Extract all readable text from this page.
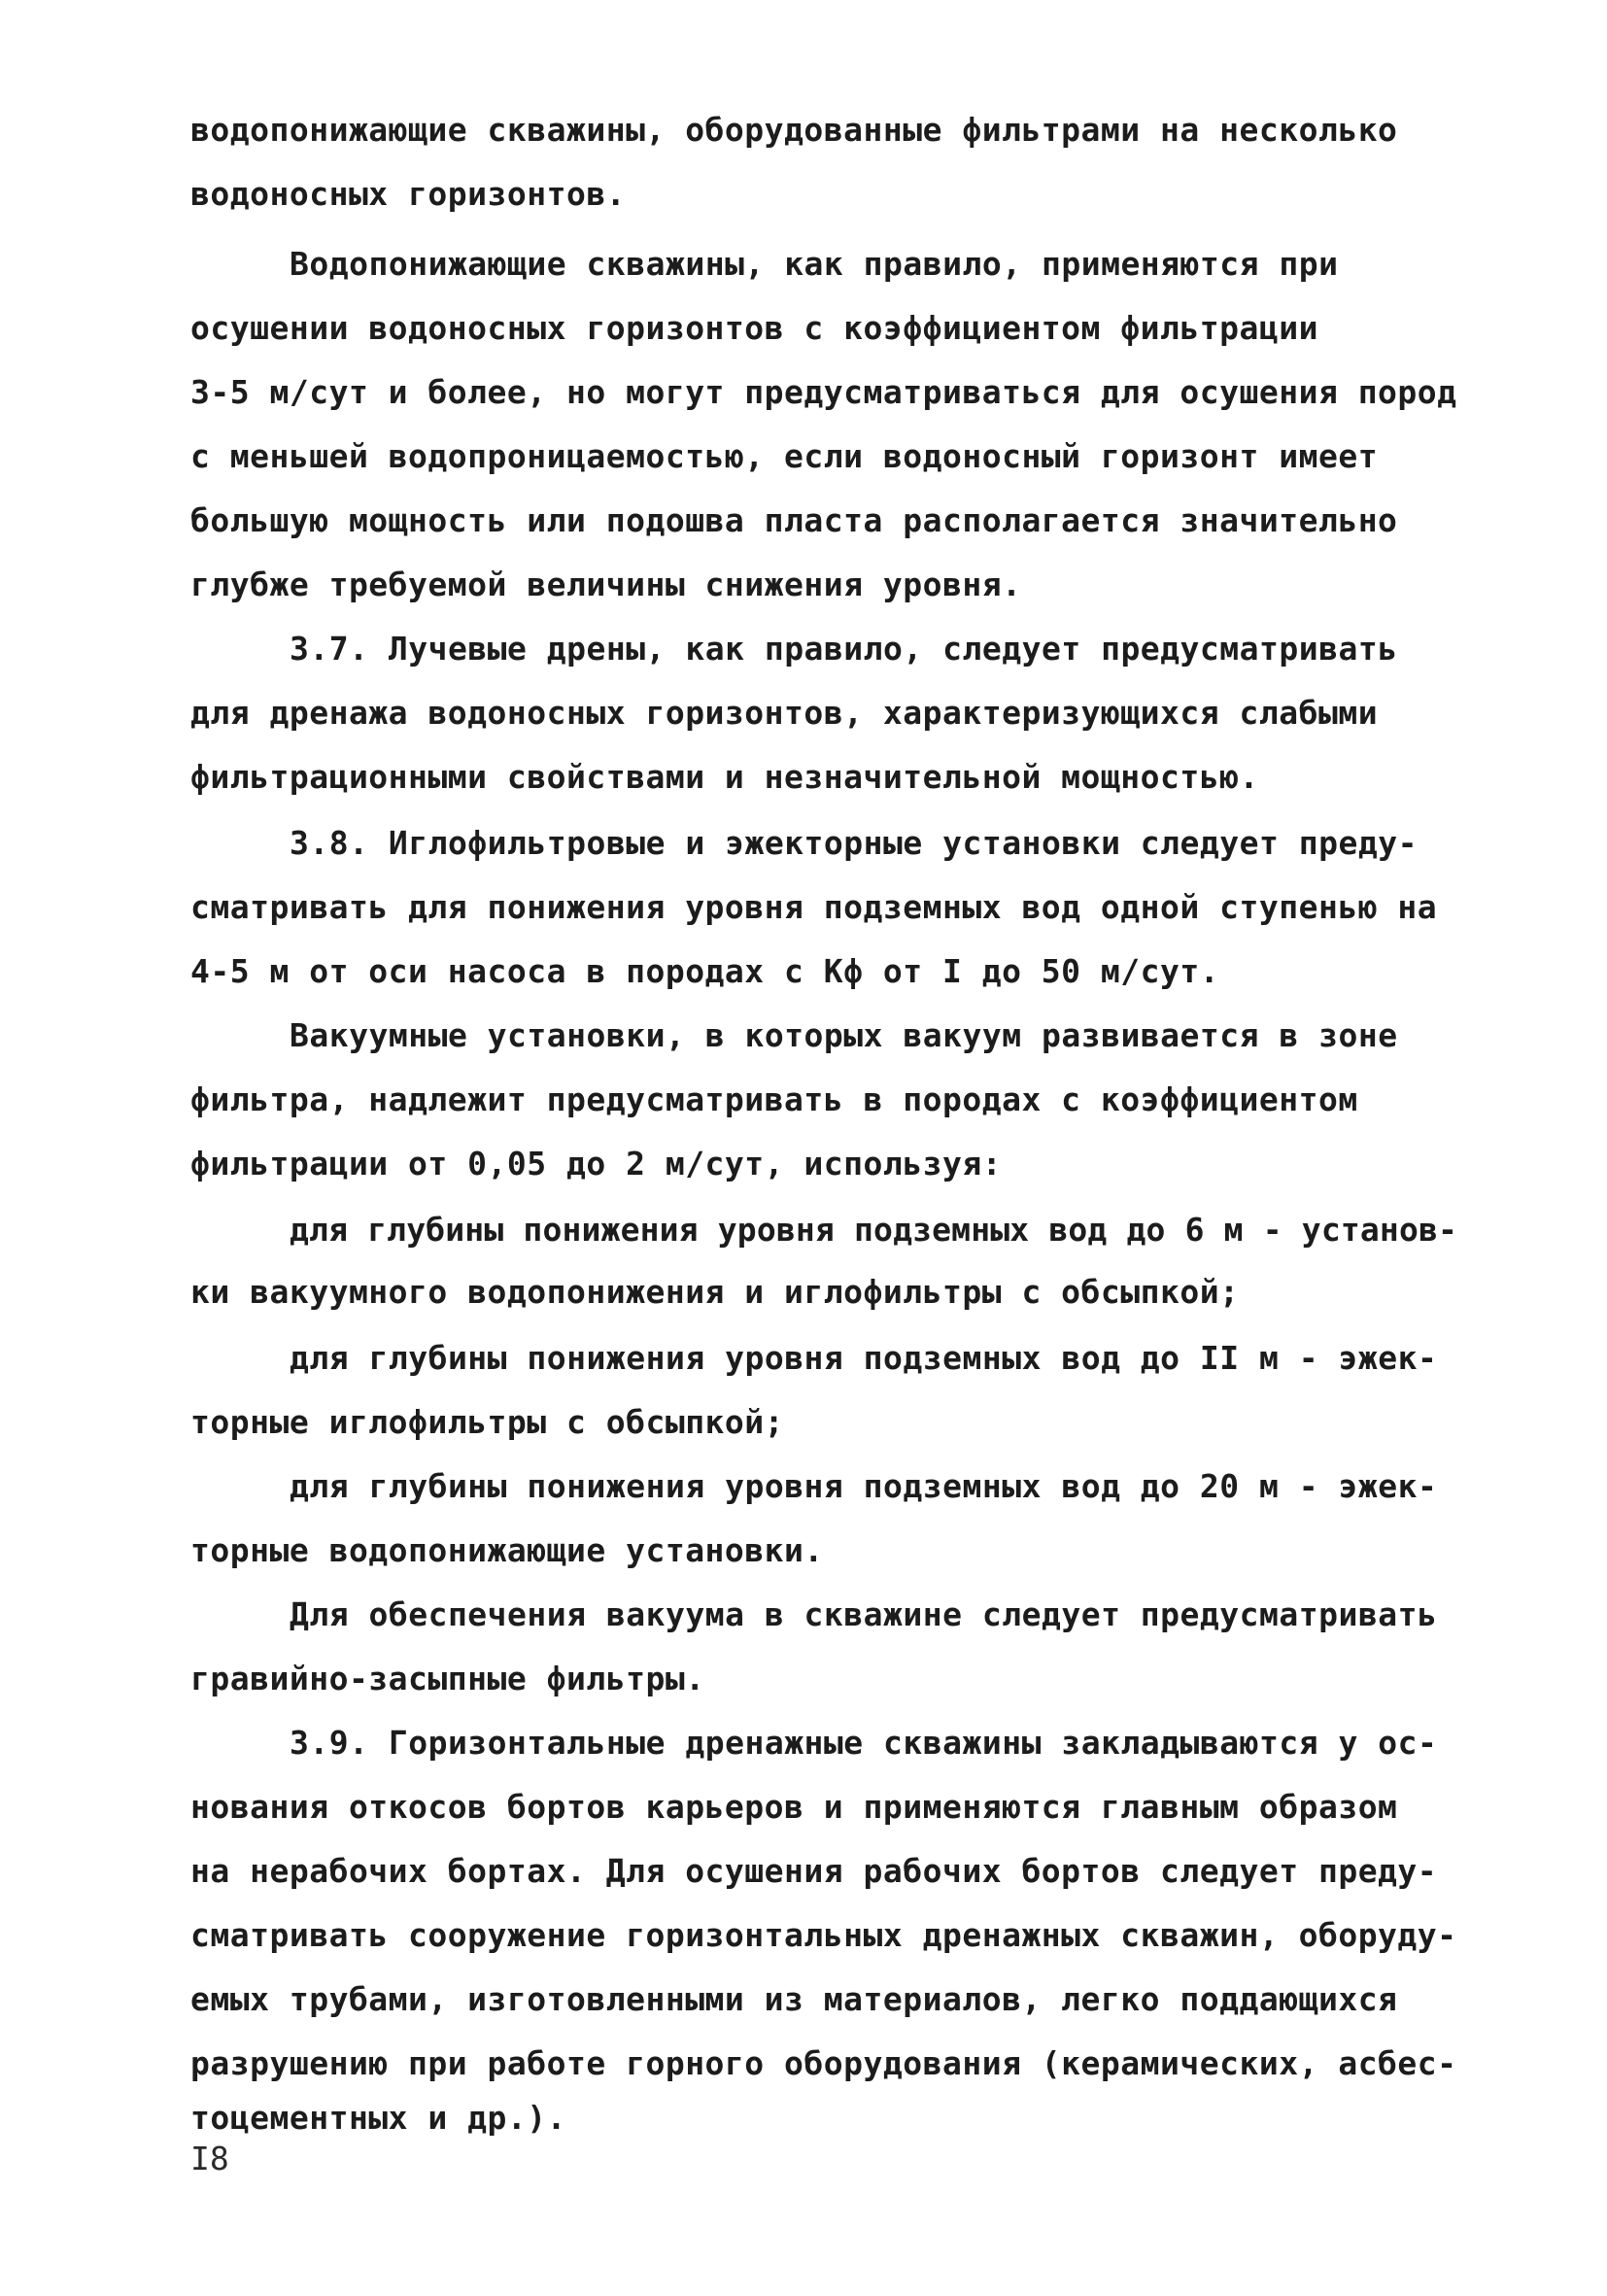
водопонижающие скважины, оборудованные фильтрами на несколько
водоносных горизонтов.
Водопонижающие скважины, как правило, применяются при
осушении водоносных горизонтов с коэффициентом фильтрации
3-5 м/сут и более, но могут предусматриваться для осушения пород
с меньшей водопроницаемостью, если водоносный горизонт имеет
большую мощность или подошва пласта располагается значительно
глубже требуемой величины снижения уровня.
3.7. Лучевые дрены, как правило, следует предусматривать
для дренажа водоносных горизонтов, характеризующихся слабыми
фильтрационными свойствами и незначительной мощностью.
3.8. Иглофильтровые и эжекторные установки следует преду-
сматривать для понижения уровня подземных вод одной ступенью на
4-5 м от оси насоса в породах с Кф от I до 50 м/сут.
Вакуумные установки, в которых вакуум развивается в зоне
фильтра, надлежит предусматривать в породах с коэффициентом
фильтрации от 0,05 до 2 м/сут, используя:
для глубины понижения уровня подземных вод до 6 м - установ-
ки вакуумного водопонижения и иглофильтры с обсыпкой;
для глубины понижения уровня подземных вод до II м - эжек-
торные иглофильтры с обсыпкой;
для глубины понижения уровня подземных вод до 20 м - эжек-
торные водопонижающие установки.
Для обеспечения вакуума в скважине следует предусматривать
гравийно-засыпные фильтры.
3.9. Горизонтальные дренажные скважины закладываются у ос-
нования откосов бортов карьеров и применяются главным образом
на нерабочих бортах. Для осушения рабочих бортов следует преду-
сматривать сооружение горизонтальных дренажных скважин, оборуду-
емых трубами, изготовленными из материалов, легко поддающихся
разрушению при работе горного оборудования (керамических, асбес-
тоцементных и др.).
I8
